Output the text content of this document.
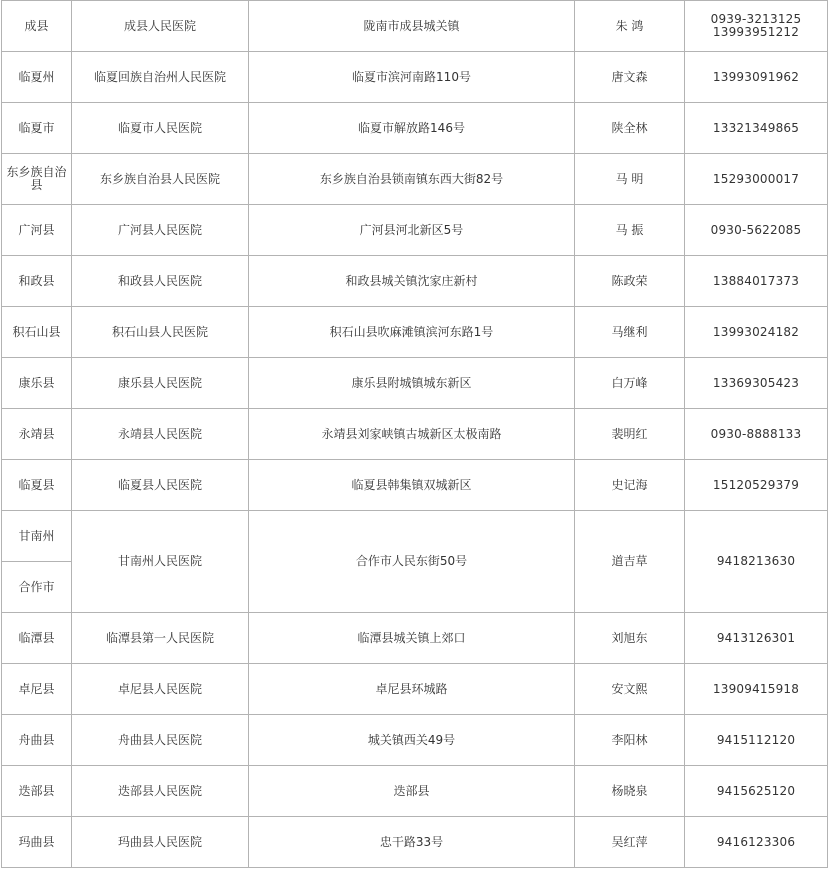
成县	成县人民医院	陇南市成县城关镇	朱 鸿	0939-3213125
13993951212

临夏州	临夏回族自治州人民医院	临夏市滨河南路110号	唐文森	13993091962

临夏市	临夏市人民医院	临夏市解放路146号	陕全林	13321349865

东乡族自治县	东乡族自治县人民医院	东乡族自治县锁南镇东西大街82号	马 明	15293000017

广河县	广河县人民医院	广河县河北新区5号	马 振	0930-5622085

和政县	和政县人民医院	和政县城关镇沈家庄新村	陈政荣	13884017373

积石山县	积石山县人民医院	积石山县吹麻滩镇滨河东路1号	马继利	13993024182

康乐县	康乐县人民医院	康乐县附城镇城东新区	白万峰	13369305423

永靖县	永靖县人民医院	永靖县刘家峡镇古城新区太极南路	裴明红	0930-8888133

临夏县	临夏县人民医院	临夏县韩集镇双城新区	史记海	15120529379

甘南州	甘南州人民医院	合作市人民东街50号	道吉草	9418213630
合作市				
临潭县	临潭县第一人民医院	临潭县城关镇上郊口	刘旭东	9413126301

卓尼县	卓尼县人民医院	卓尼县环城路	安文熙	13909415918

舟曲县	舟曲县人民医院	城关镇西关49号	李阳林	9415112120

迭部县	迭部县人民医院	迭部县	杨晓泉	9415625120

玛曲县	玛曲县人民医院	忠干路33号	吴红萍	9416123306
